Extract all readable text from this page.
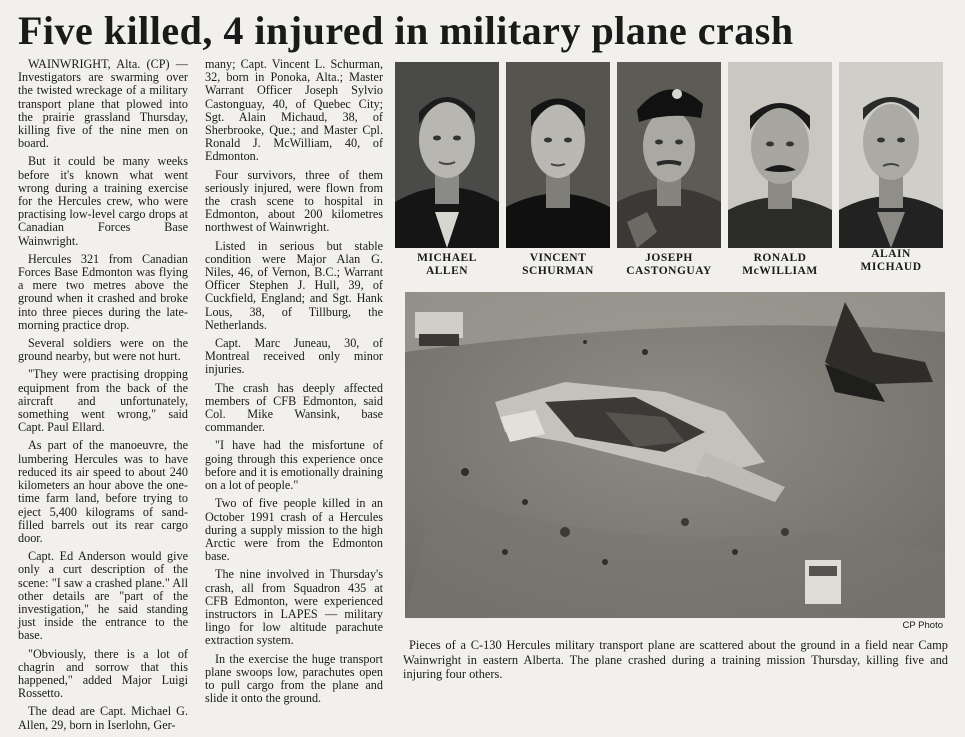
Five killed, 4 injured in military plane crash

WAINWRIGHT, Alta. (CP) — Investigators are swarming over the twisted wreckage of a military transport plane that plowed into the prairie grassland Thursday, killing five of the nine men on board.

But it could be many weeks before it's known what went wrong during a training exercise for the Hercules crew, who were practising low-level cargo drops at Canadian Forces Base Wainwright.

Hercules 321 from Canadian Forces Base Edmonton was flying a mere two metres above the ground when it crashed and broke into three pieces during the late-morning practice drop.

Several soldiers were on the ground nearby, but were not hurt.

"They were practising dropping equipment from the back of the aircraft and unfortunately, something went wrong," said Capt. Paul Ellard.

As part of the manoeuvre, the lumbering Hercules was to have reduced its air speed to about 240 kilometers an hour above the one-time farm land, before trying to eject 5,400 kilograms of sand-filled barrels out its rear cargo door.

Capt. Ed Anderson would give only a curt description of the scene: "I saw a crashed plane." All other details are "part of the investigation," he said standing just inside the entrance to the base.

"Obviously, there is a lot of chagrin and sorrow that this happened," added Major Luigi Rossetto.

The dead are Capt. Michael G. Allen, 29, born in Iserlohn, Ger-

many; Capt. Vincent L. Schurman, 32, born in Ponoka, Alta.; Master Warrant Officer Joseph Sylvio Castonguay, 40, of Quebec City; Sgt. Alain Michaud, 38, of Sherbrooke, Que.; and Master Cpl. Ronald J. McWilliam, 40, of Edmonton.

Four survivors, three of them seriously injured, were flown from the crash scene to hospital in Edmonton, about 200 kilometres northwest of Wainwright.

Listed in serious but stable condition were Major Alan G. Niles, 46, of Vernon, B.C.; Warrant Officer Stephen J. Hull, 39, of Cuckfield, England; and Sgt. Hank Lous, 38, of Tillburg, the Netherlands.

Capt. Marc Juneau, 30, of Montreal received only minor injuries.

The crash has deeply affected members of CFB Edmonton, said Col. Mike Wansink, base commander.

"I have had the misfortune of going through this experience once before and it is emotionally draining on a lot of people."

Two of five people killed in an October 1991 crash of a Hercules during a supply mission to the high Arctic were from the Edmonton base.

The nine involved in Thursday's crash, all from Squadron 435 at CFB Edmonton, were experienced instructors in LAPES — military lingo for low altitude parachute extraction system.

In the exercise the huge transport plane swoops low, parachutes open to pull cargo from the plane and slide it onto the ground.

MICHAEL
ALLEN
VINCENT
SCHURMAN
JOSEPH
CASTONGUAY
RONALD
McWILLIAM
ALAIN
MICHAUD
CP Photo
Pieces of a C-130 Hercules military transport plane are scattered about the ground in a field near Camp Wainwright in eastern Alberta. The plane crashed during a training mission Thursday, killing five and injuring four others.
